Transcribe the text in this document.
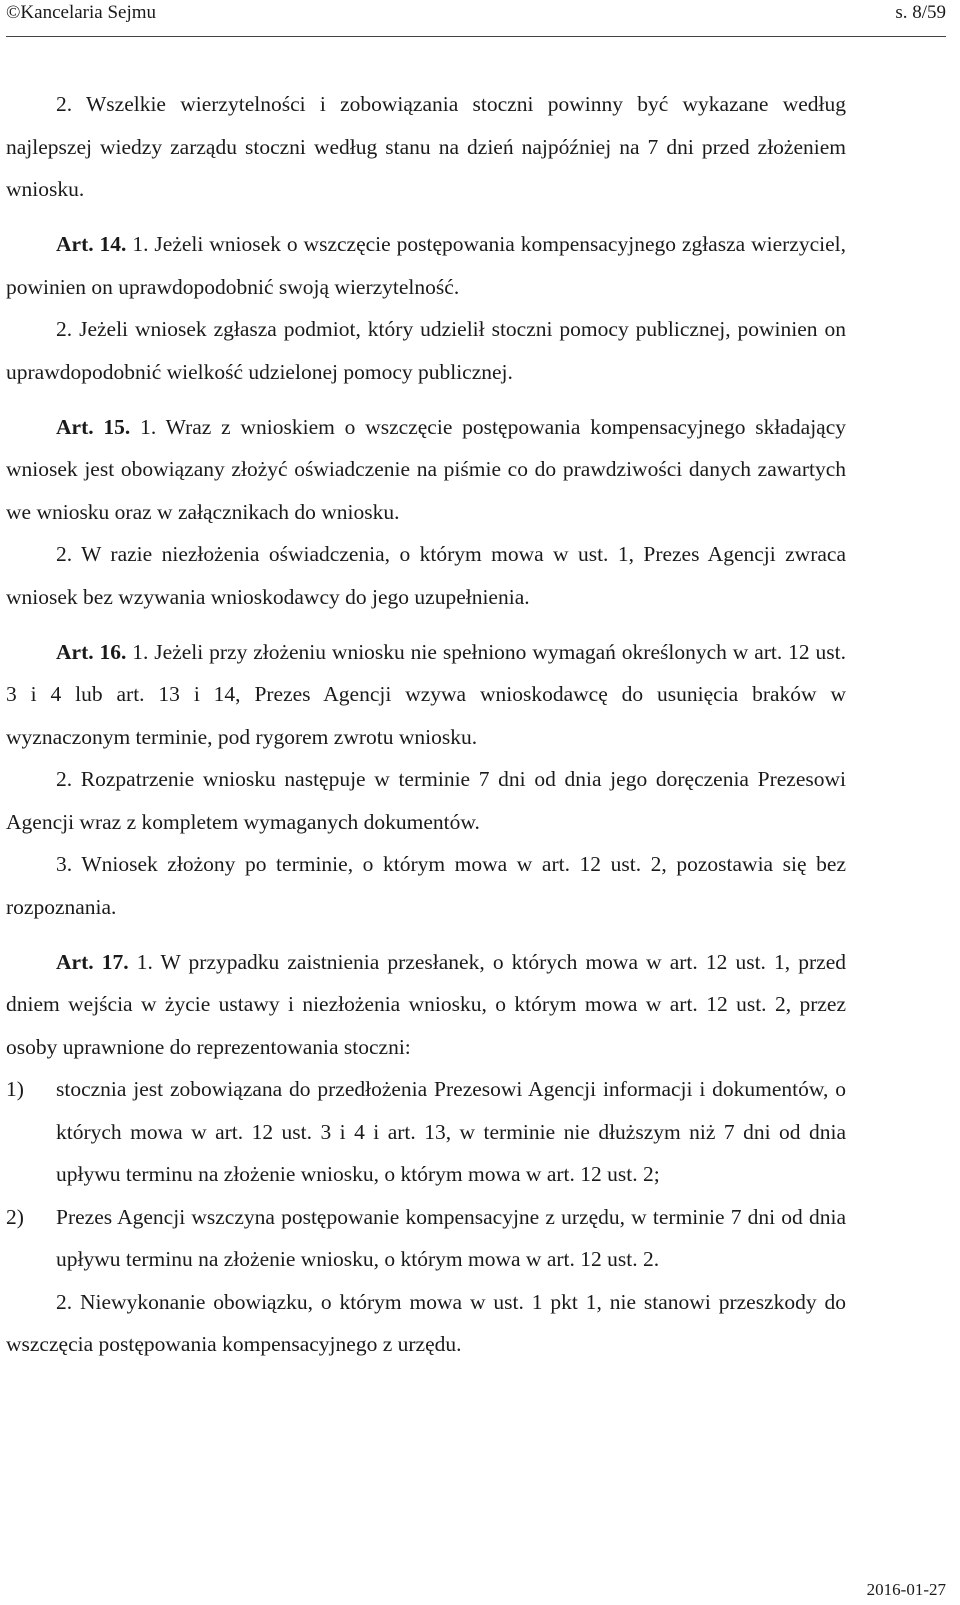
©Kancelaria Sejmu	s. 8/59

2. Wszelkie wierzytelności i zobowiązania stoczni powinny być wykazane według najlepszej wiedzy zarządu stoczni według stanu na dzień najpóźniej na 7 dni przed złożeniem wniosku.

Art. 14. 1. Jeżeli wniosek o wszczęcie postępowania kompensacyjnego zgłasza wierzyciel, powinien on uprawdopodobnić swoją wierzytelność.

2. Jeżeli wniosek zgłasza podmiot, który udzielił stoczni pomocy publicznej, powinien on uprawdopodobnić wielkość udzielonej pomocy publicznej.

Art. 15. 1. Wraz z wnioskiem o wszczęcie postępowania kompensacyjnego składający wniosek jest obowiązany złożyć oświadczenie na piśmie co do prawdziwości danych zawartych we wniosku oraz w załącznikach do wniosku.

2. W razie niezłożenia oświadczenia, o którym mowa w ust. 1, Prezes Agencji zwraca wniosek bez wzywania wnioskodawcy do jego uzupełnienia.

Art. 16. 1. Jeżeli przy złożeniu wniosku nie spełniono wymagań określonych w art. 12 ust. 3 i 4 lub art. 13 i 14, Prezes Agencji wzywa wnioskodawcę do usunięcia braków w wyznaczonym terminie, pod rygorem zwrotu wniosku.

2. Rozpatrzenie wniosku następuje w terminie 7 dni od dnia jego doręczenia Prezesowi Agencji wraz z kompletem wymaganych dokumentów.

3. Wniosek złożony po terminie, o którym mowa w art. 12 ust. 2, pozostawia się bez rozpoznania.

Art. 17. 1. W przypadku zaistnienia przesłanek, o których mowa w art. 12 ust. 1, przed dniem wejścia w życie ustawy i niezłożenia wniosku, o którym mowa w art. 12 ust. 2, przez osoby uprawnione do reprezentowania stoczni:

1) stocznia jest zobowiązana do przedłożenia Prezesowi Agencji informacji i dokumentów, o których mowa w art. 12 ust. 3 i 4 i art. 13, w terminie nie dłuższym niż 7 dni od dnia upływu terminu na złożenie wniosku, o którym mowa w art. 12 ust. 2;
2) Prezes Agencji wszczyna postępowanie kompensacyjne z urzędu, w terminie 7 dni od dnia upływu terminu na złożenie wniosku, o którym mowa w art. 12 ust. 2.

2. Niewykonanie obowiązku, o którym mowa w ust. 1 pkt 1, nie stanowi przeszkody do wszczęcia postępowania kompensacyjnego z urzędu.

2016-01-27
